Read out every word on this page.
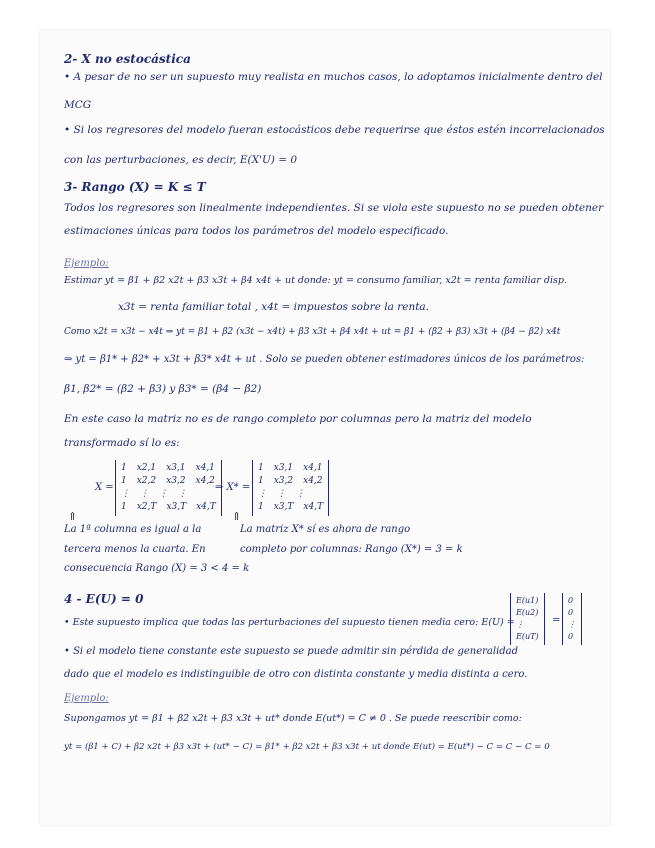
2- X no estocástica
• A pesar de no ser un supuesto muy realista en muchos casos, lo adoptamos inicialmente dentro del
MCG
• Si los regresores del modelo fueran estocásticos debe requerirse que éstos estén incorrelacionados
con las perturbaciones, es decir, E(X'U) = 0
3- Rango (X) = K ≤ T
Todos los regresores son linealmente independientes. Si se viola este supuesto no se pueden obtener
estimaciones únicas para todos los parámetros del modelo especificado.
Ejemplo:
Estimar yt = β1 + β2 x2t + β3 x3t + β4 x4t + ut donde: yt = consumo familiar, x2t = renta familiar disp.
x3t = renta familiar total , x4t = impuestos sobre la renta.
Como x2t = x3t − x4t ⇒ yt = β1 + β2 (x3t − x4t) + β3 x3t + β4 x4t + ut = β1 + (β2 + β3) x3t + (β4 − β2) x4t
⇒ yt = β1* + β2* + x3t + β3* x4t + ut . Solo se pueden obtener estimadores únicos de los parámetros:
β1, β2* = (β2 + β3) y β3* = (β4 − β2)
En este caso la matriz no es de rango completo por columnas pero la matriz del modelo
transformado sí lo es:
X =
1 x2,1 x3,1 x4,1
1 x2,2 x3,2 x4,2
⋮ ⋮ ⋮ ⋮
1 x2,T x3,T x4,T
⇒ X* =
1 x3,1 x4,1
1 x3,2 x4,2
⋮ ⋮ ⋮
1 x3,T x4,T
⇑	⇑
La 1ª columna es igual a la
tercera menos la cuarta. En
consecuencia Rango (X) = 3 < 4 = k
La matriz X* sí es ahora de rango
completo por columnas: Rango (X*) = 3 = k
4 - E(U) = 0
• Este supuesto implica que todas las perturbaciones del supuesto tienen media cero: E(U) =
E(u1)
E(u2)
⋮
E(uT)
=
0
0
⋮
0
• Si el modelo tiene constante este supuesto se puede admitir sin pérdida de generalidad
dado que el modelo es indistinguible de otro con distinta constante y media distinta a cero.
Ejemplo:
Supongamos yt = β1 + β2 x2t + β3 x3t + ut* donde E(ut*) = C ≠ 0 . Se puede reescribir como:
yt = (β1 + C) + β2 x2t + β3 x3t + (ut* − C) = β1* + β2 x2t + β3 x3t + ut donde E(ut) = E(ut*) − C = C − C = 0
